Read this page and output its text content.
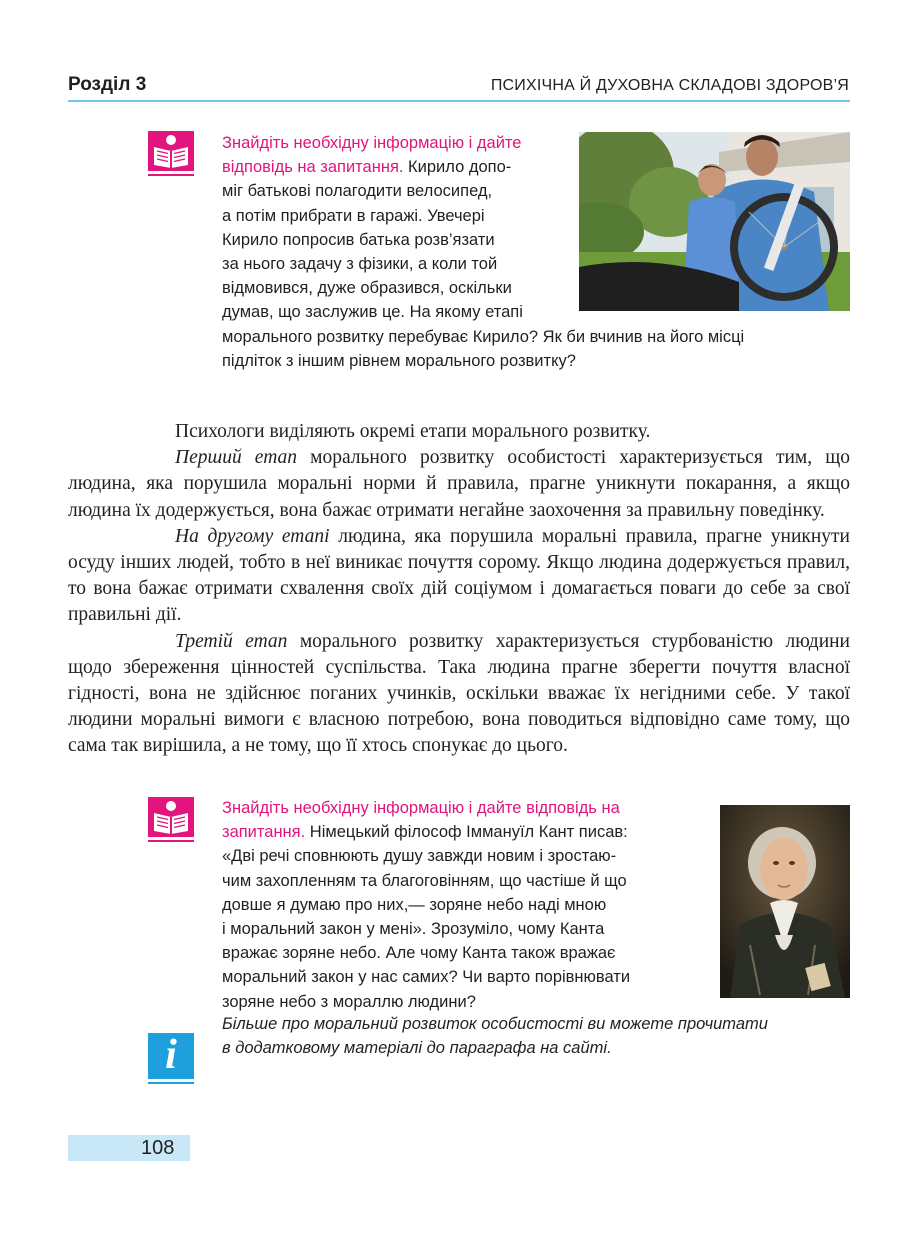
Розділ 3	ПСИХІЧНА Й ДУХОВНА СКЛАДОВІ ЗДОРОВ’Я
Знайдіть необхідну інформацію і дайте
відповідь на запитання. Кирило допо-
міг батькові полагодити велосипед,
а потім прибрати в гаражі. Увечері
Кирило попросив батька розв’язати
за нього задачу з фізики, а коли той
відмовився, дуже образився, оскільки
думав, що заслужив це. На якому етапі
морального розвитку перебуває Кирило? Як би вчинив на його місці
підліток з іншим рівнем морального розвитку?

Психологи виділяють окремі етапи морального розвитку.

Перший етап морального розвитку особистості характеризується тим, що людина, яка порушила моральні норми й правила, прагне уникнути покарання, а якщо людина їх додержується, вона бажає отримати негайне заохочення за правильну поведінку.

На другому етапі людина, яка порушила моральні правила, прагне уникнути осуду інших людей, тобто в неї виникає почуття сорому. Якщо людина додержується правил, то вона бажає отримати схвалення своїх дій соціумом і домагається поваги до себе за свої правильні дії.

Третій етап морального розвитку характеризується стурбованістю людини щодо збереження цінностей суспільства. Така людина прагне зберегти почуття власної гідності, вона не здійснює поганих учинків, оскільки вважає їх негідними себе. У такої людини моральні вимоги є власною потребою, вона поводиться відповідно саме тому, що сама так вирішила, а не тому, що її хтось спонукає до цього.

Знайдіть необхідну інформацію і дайте відповідь на
запитання. Німецький філософ Іммануїл Кант писав:
«Дві речі сповнюють душу завжди новим і зростаю-
чим захопленням та благоговінням, що частіше й що
довше я думаю про них,— зоряне небо наді мною
і моральний закон у мені». Зрозуміло, чому Канта
вражає зоряне небо. Але чому Канта також вражає
моральний закон у нас самих? Чи варто порівнювати
зоряне небо з мораллю людини?
i
Більше про моральний розвиток особистості ви можете прочитати
в додатковому матеріалі до параграфа на сайті.
108
